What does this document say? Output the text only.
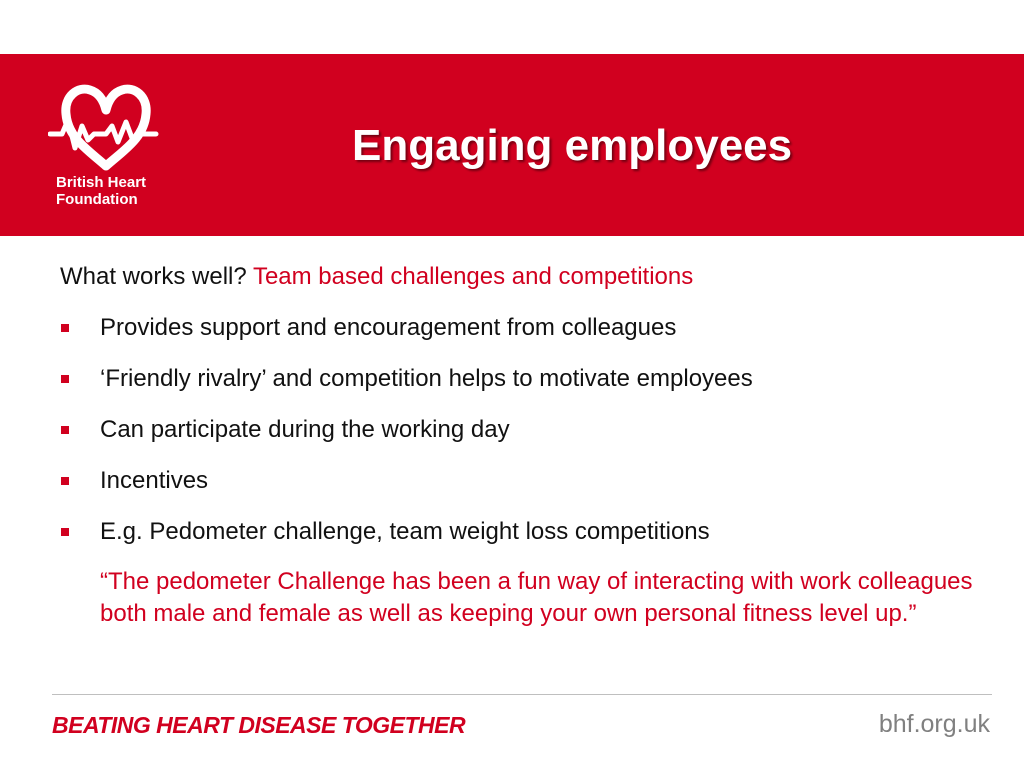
British Heart
Foundation
Engaging employees

What works well? Team based challenges and competitions

Provides support and encouragement from colleagues
‘Friendly rivalry’ and competition helps to motivate employees
Can participate during the working day
Incentives
E.g. Pedometer challenge, team weight loss competitions

“The pedometer Challenge has been a fun way of interacting with work colleagues both male and female as well as keeping your own personal fitness level up.”

BEATING HEART DISEASE TOGETHER	bhf.org.uk
